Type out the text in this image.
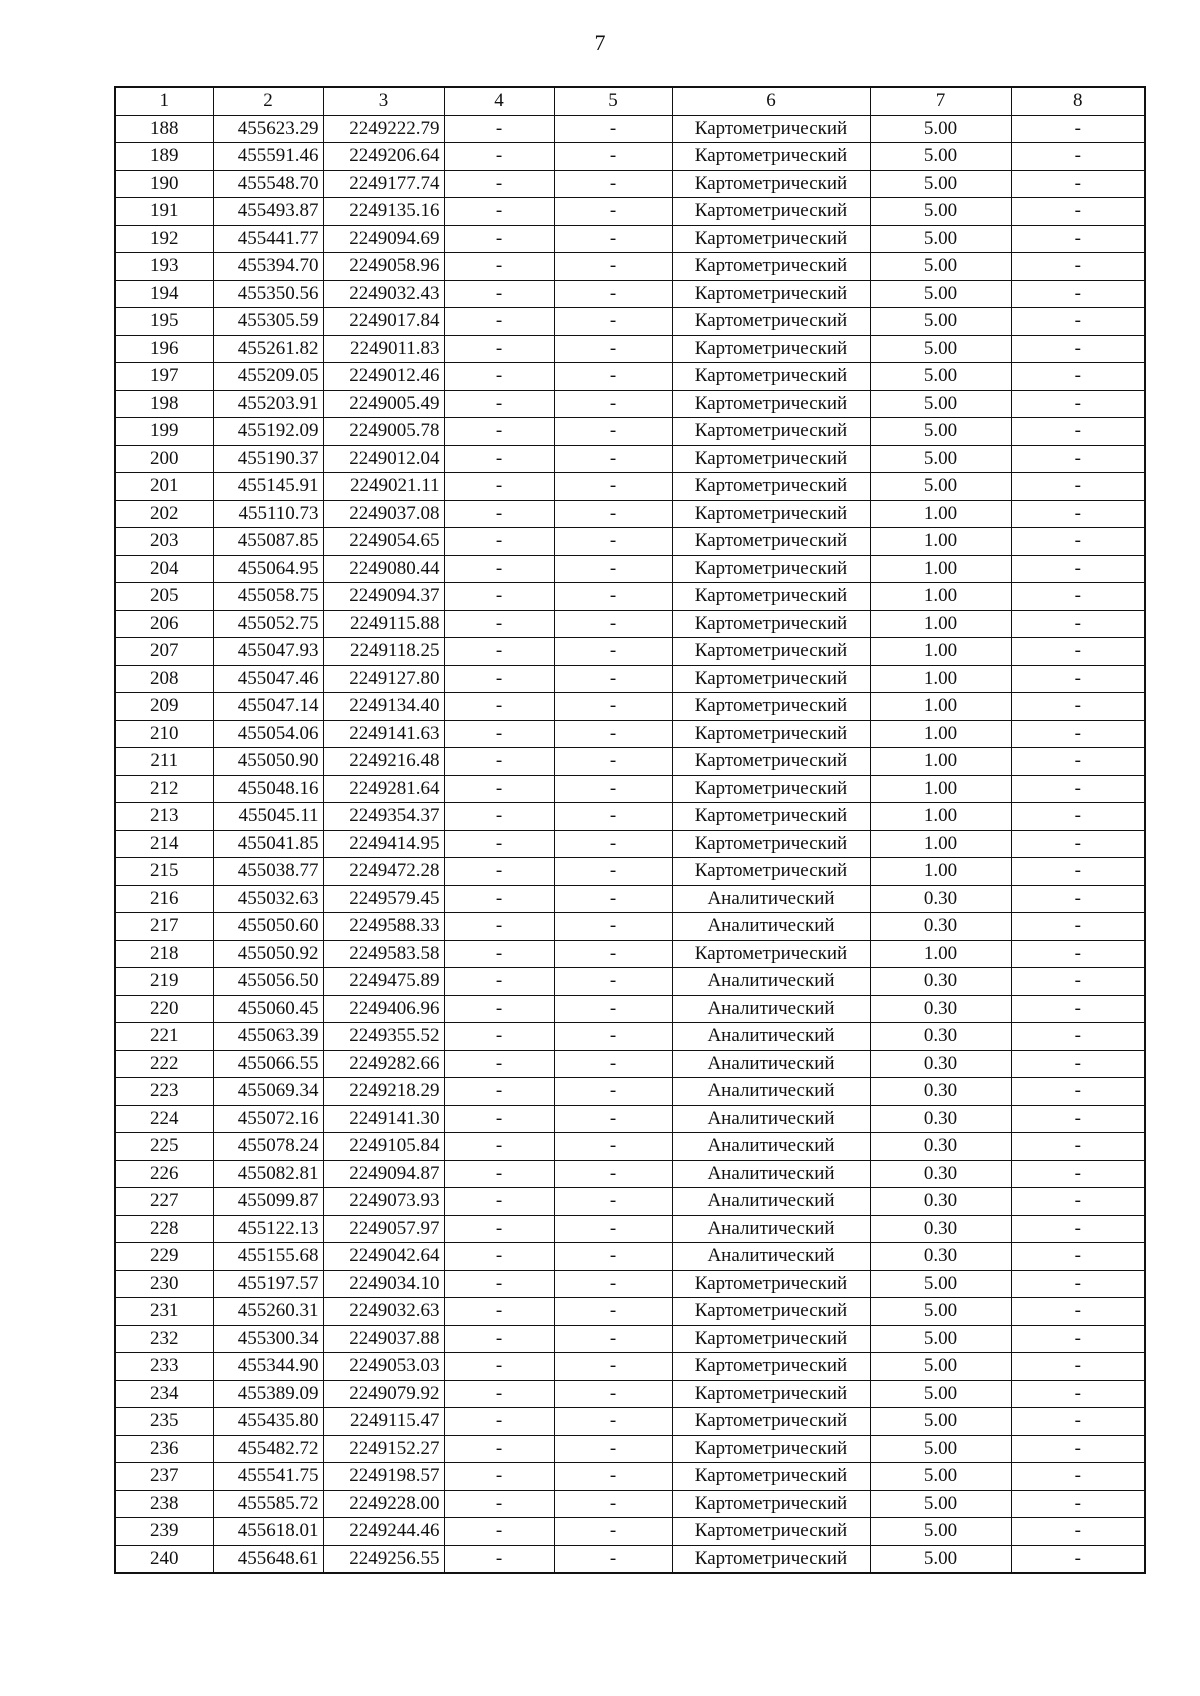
7
1	2	3	4	5	6	7	8
188	455623.29	2249222.79	-	-	Картометрический	5.00	-
189	455591.46	2249206.64	-	-	Картометрический	5.00	-
190	455548.70	2249177.74	-	-	Картометрический	5.00	-
191	455493.87	2249135.16	-	-	Картометрический	5.00	-
192	455441.77	2249094.69	-	-	Картометрический	5.00	-
193	455394.70	2249058.96	-	-	Картометрический	5.00	-
194	455350.56	2249032.43	-	-	Картометрический	5.00	-
195	455305.59	2249017.84	-	-	Картометрический	5.00	-
196	455261.82	2249011.83	-	-	Картометрический	5.00	-
197	455209.05	2249012.46	-	-	Картометрический	5.00	-
198	455203.91	2249005.49	-	-	Картометрический	5.00	-
199	455192.09	2249005.78	-	-	Картометрический	5.00	-
200	455190.37	2249012.04	-	-	Картометрический	5.00	-
201	455145.91	2249021.11	-	-	Картометрический	5.00	-
202	455110.73	2249037.08	-	-	Картометрический	1.00	-
203	455087.85	2249054.65	-	-	Картометрический	1.00	-
204	455064.95	2249080.44	-	-	Картометрический	1.00	-
205	455058.75	2249094.37	-	-	Картометрический	1.00	-
206	455052.75	2249115.88	-	-	Картометрический	1.00	-
207	455047.93	2249118.25	-	-	Картометрический	1.00	-
208	455047.46	2249127.80	-	-	Картометрический	1.00	-
209	455047.14	2249134.40	-	-	Картометрический	1.00	-
210	455054.06	2249141.63	-	-	Картометрический	1.00	-
211	455050.90	2249216.48	-	-	Картометрический	1.00	-
212	455048.16	2249281.64	-	-	Картометрический	1.00	-
213	455045.11	2249354.37	-	-	Картометрический	1.00	-
214	455041.85	2249414.95	-	-	Картометрический	1.00	-
215	455038.77	2249472.28	-	-	Картометрический	1.00	-
216	455032.63	2249579.45	-	-	Аналитический	0.30	-
217	455050.60	2249588.33	-	-	Аналитический	0.30	-
218	455050.92	2249583.58	-	-	Картометрический	1.00	-
219	455056.50	2249475.89	-	-	Аналитический	0.30	-
220	455060.45	2249406.96	-	-	Аналитический	0.30	-
221	455063.39	2249355.52	-	-	Аналитический	0.30	-
222	455066.55	2249282.66	-	-	Аналитический	0.30	-
223	455069.34	2249218.29	-	-	Аналитический	0.30	-
224	455072.16	2249141.30	-	-	Аналитический	0.30	-
225	455078.24	2249105.84	-	-	Аналитический	0.30	-
226	455082.81	2249094.87	-	-	Аналитический	0.30	-
227	455099.87	2249073.93	-	-	Аналитический	0.30	-
228	455122.13	2249057.97	-	-	Аналитический	0.30	-
229	455155.68	2249042.64	-	-	Аналитический	0.30	-
230	455197.57	2249034.10	-	-	Картометрический	5.00	-
231	455260.31	2249032.63	-	-	Картометрический	5.00	-
232	455300.34	2249037.88	-	-	Картометрический	5.00	-
233	455344.90	2249053.03	-	-	Картометрический	5.00	-
234	455389.09	2249079.92	-	-	Картометрический	5.00	-
235	455435.80	2249115.47	-	-	Картометрический	5.00	-
236	455482.72	2249152.27	-	-	Картометрический	5.00	-
237	455541.75	2249198.57	-	-	Картометрический	5.00	-
238	455585.72	2249228.00	-	-	Картометрический	5.00	-
239	455618.01	2249244.46	-	-	Картометрический	5.00	-
240	455648.61	2249256.55	-	-	Картометрический	5.00	-
